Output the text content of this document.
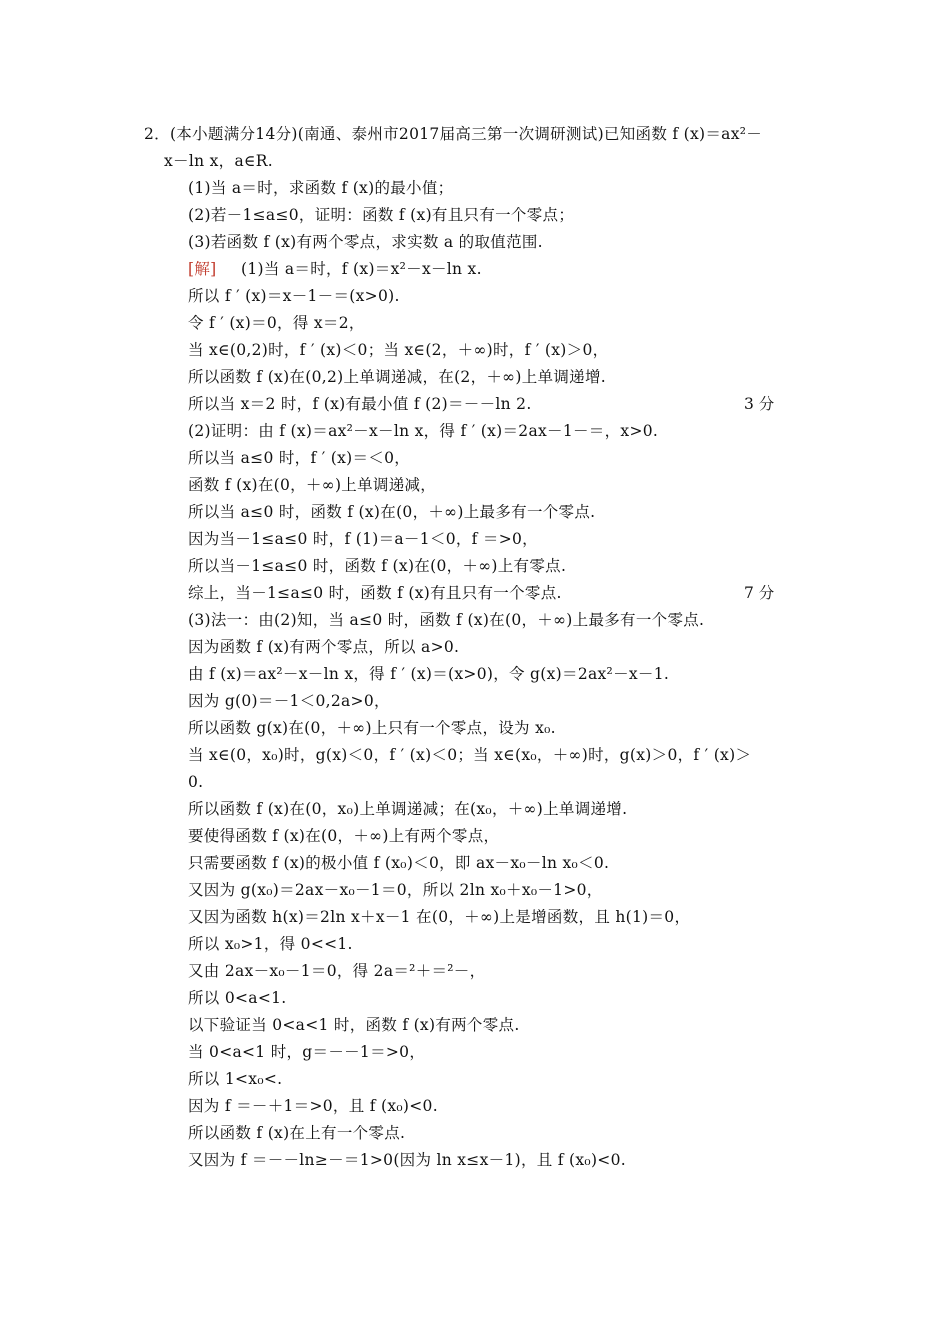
2．(本小题满分14分)(南通、泰州市2017届高三第一次调研测试)已知函数 f (x)＝ax²－
x－ln x，a∈R.
(1)当 a＝时，求函数 f (x)的最小值；
(2)若－1≤a≤0，证明：函数 f (x)有且只有一个零点；
(3)若函数 f (x)有两个零点，求实数 a 的取值范围.
[解] (1)当 a＝时，f (x)＝x²－x－ln x.
所以 f ′ (x)＝x－1－＝(x>0).
令 f ′ (x)＝0，得 x＝2，
当 x∈(0,2)时，f ′ (x)＜0；当 x∈(2，＋∞)时，f ′ (x)＞0，
所以函数 f (x)在(0,2)上单调递减，在(2，＋∞)上单调递增.
所以当 x＝2 时，f (x)有最小值 f (2)＝－－ln 2.	3 分
(2)证明：由 f (x)＝ax²－x－ln x，得 f ′ (x)＝2ax－1－＝，x>0.
所以当 a≤0 时，f ′ (x)＝＜0，
函数 f (x)在(0，＋∞)上单调递减，
所以当 a≤0 时，函数 f (x)在(0，＋∞)上最多有一个零点.
因为当－1≤a≤0 时，f (1)＝a－1＜0，f ＝>0，
所以当－1≤a≤0 时，函数 f (x)在(0，＋∞)上有零点.
综上，当－1≤a≤0 时，函数 f (x)有且只有一个零点.	7 分
(3)法一：由(2)知，当 a≤0 时，函数 f (x)在(0，＋∞)上最多有一个零点.
因为函数 f (x)有两个零点，所以 a>0.
由 f (x)＝ax²－x－ln x，得 f ′ (x)＝(x>0)，令 g(x)＝2ax²－x－1.
因为 g(0)＝－1＜0,2a>0，
所以函数 g(x)在(0，＋∞)上只有一个零点，设为 x₀.
当 x∈(0，x₀)时，g(x)＜0，f ′ (x)＜0；当 x∈(x₀，＋∞)时，g(x)＞0，f ′ (x)＞
0.
所以函数 f (x)在(0，x₀)上单调递减；在(x₀，＋∞)上单调递增.
要使得函数 f (x)在(0，＋∞)上有两个零点，
只需要函数 f (x)的极小值 f (x₀)＜0，即 ax－x₀－ln x₀＜0.
又因为 g(x₀)＝2ax－x₀－1＝0，所以 2ln x₀＋x₀－1>0，
又因为函数 h(x)＝2ln x＋x－1 在(0，＋∞)上是增函数，且 h(1)＝0，
所以 x₀>1，得 0<<1.
又由 2ax－x₀－1＝0，得 2a＝²＋＝²－，
所以 0<a<1.
以下验证当 0<a<1 时，函数 f (x)有两个零点.
当 0<a<1 时，g＝－－1＝>0，
所以 1<x₀<.
因为 f ＝－＋1＝>0，且 f (x₀)<0.
所以函数 f (x)在上有一个零点.
又因为 f ＝－－ln≥－＝1>0(因为 ln x≤x－1)，且 f (x₀)<0.
